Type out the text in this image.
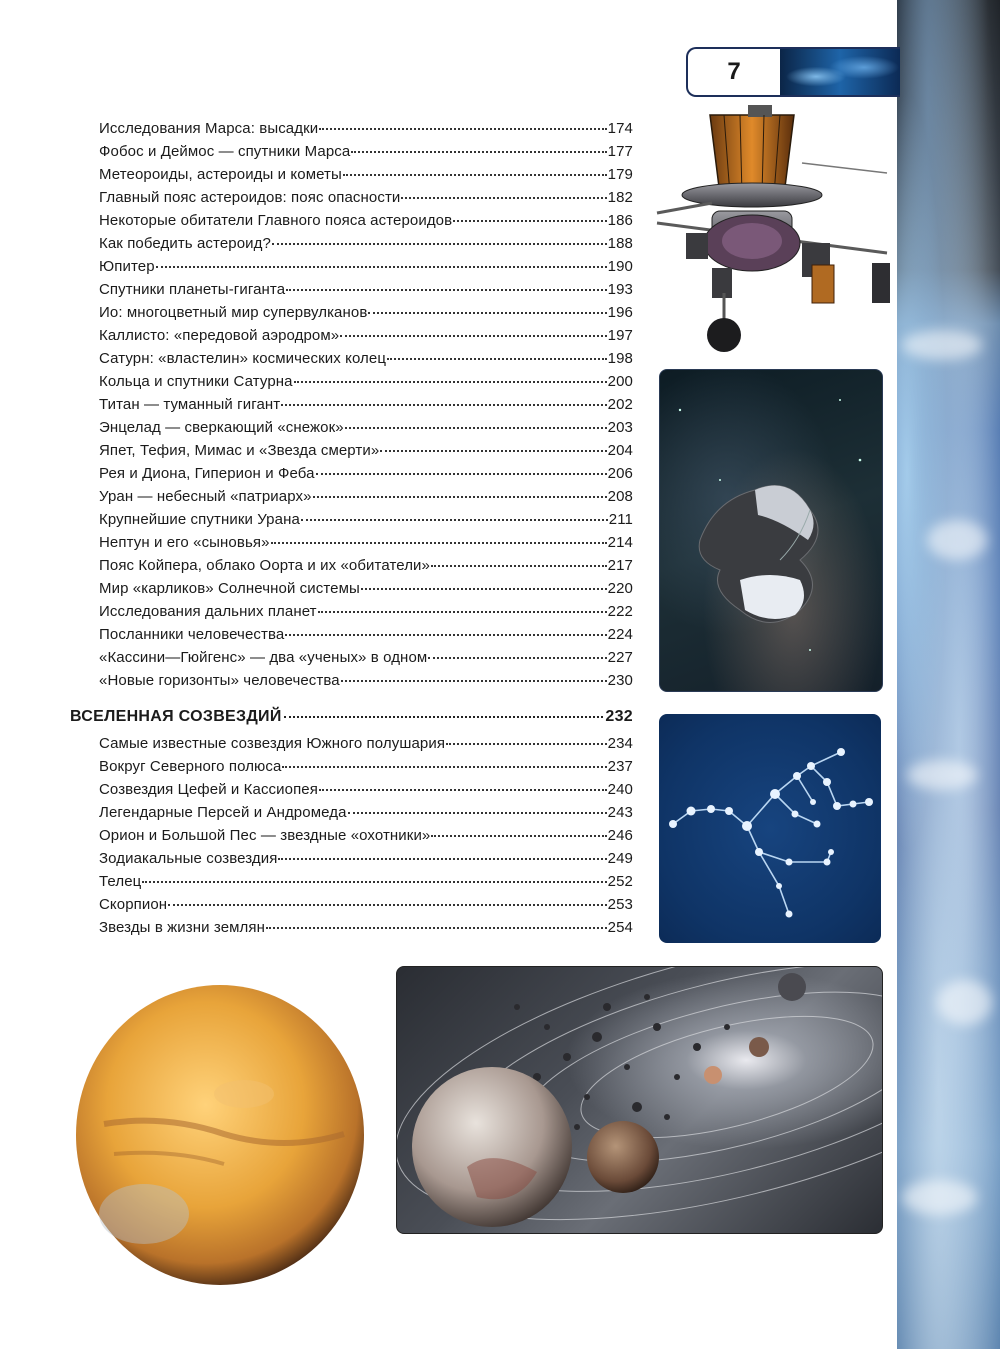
7
Исследования Марса: высадки	174
Фобос и Деймос — спутники Марса	177
Метеороиды, астероиды и кометы	179
Главный пояс астероидов: пояс опасности	182
Некоторые обитатели Главного пояса астероидов	186
Как победить астероид?	188
Юпитер	190
Спутники планеты-гиганта	193
Ио: многоцветный мир супервулканов	196
Каллисто: «передовой аэродром»	197
Сатурн: «властелин» космических колец	198
Кольца и спутники Сатурна	200
Титан — туманный гигант	202
Энцелад — сверкающий «снежок»	203
Япет, Тефия, Мимас и «Звезда смерти»	204
Рея и Диона, Гиперион и Феба	206
Уран — небесный «патриарх»	208
Крупнейшие спутники Урана	211
Нептун и его «сыновья»	214
Пояс Койпера, облако Оорта и их «обитатели»	217
Мир «карликов» Солнечной системы	220
Исследования дальних планет	222
Посланники человечества	224
«Кассини—Гюйгенс» — два «ученых» в одном	227
«Новые горизонты» человечества	230
ВСЕЛЕННАЯ СОЗВЕЗДИЙ	232
Самые известные созвездия Южного полушария	234
Вокруг Северного полюса	237
Созвездия Цефей и Кассиопея	240
Легендарные Персей и Андромеда	243
Орион и Большой Пес — звездные «охотники»	246
Зодиакальные созвездия	249
Телец	252
Скорпион	253
Звезды в жизни землян	254
